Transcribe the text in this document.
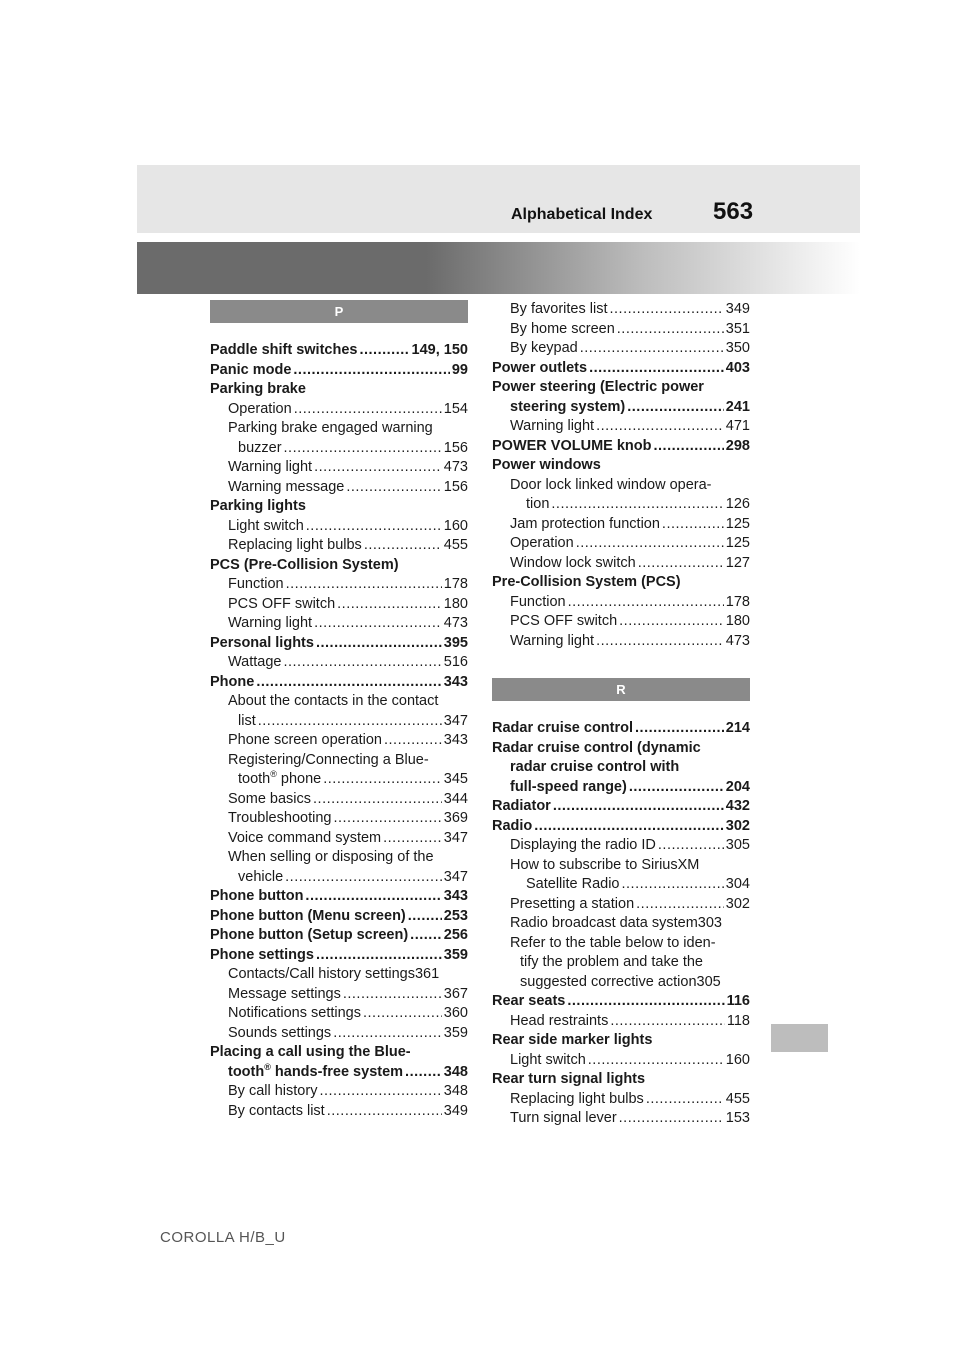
Alphabetical Index	563
P
Paddle shift switches .....	149, 150
Panic mode .....	99
Parking brake
Operation .....	154
Parking brake engaged warning
buzzer .....	156
Warning light .....	473
Warning message .....	156
Parking lights
Light switch .....	160
Replacing light bulbs .....	455
PCS (Pre-Collision System)
Function .....	178
PCS OFF switch .....	180
Warning light .....	473
Personal lights .....	395
Wattage .....	516
Phone .....	343
About the contacts in the contact
list .....	347
Phone screen operation .....	343
Registering/Connecting a Blue-
tooth® phone .....	345
Some basics .....	344
Troubleshooting .....	369
Voice command system .....	347
When selling or disposing of the
vehicle .....	347
Phone button .....	343
Phone button (Menu screen) .....	253
Phone button (Setup screen) ..... 256
Phone settings .....	359
Contacts/Call history settings 361
Message settings .....	367
Notifications settings .....	360
Sounds settings .....	359
Placing a call using the Blue-
tooth® hands-free system .....	348
By call history .....	348
By contacts list .....	349
By favorites list .....	349
By home screen .....	351
By keypad .....	350
Power outlets .....	403
Power steering (Electric power
steering system) .....	241
Warning light .....	471
POWER VOLUME knob .....	298
Power windows
Door lock linked window opera-
tion .....	126
Jam protection function .....	125
Operation .....	125
Window lock switch .....	127
Pre-Collision System (PCS)
Function .....	178
PCS OFF switch .....	180
Warning light .....	473
R
Radar cruise control .....	214
Radar cruise control (dynamic
radar cruise control with
full-speed range) .....	204
Radiator .....	432
Radio .....	302
Displaying the radio ID .....	305
How to subscribe to SiriusXM
Satellite Radio .....	304
Presetting a station .....	302
Radio broadcast data system 303
Refer to the table below to iden-
tify the problem and take the
suggested corrective action 305
Rear seats .....	116
Head restraints .....	118
Rear side marker lights
Light switch .....	160
Rear turn signal lights
Replacing light bulbs .....	455
Turn signal lever .....	153
COROLLA H/B_U
